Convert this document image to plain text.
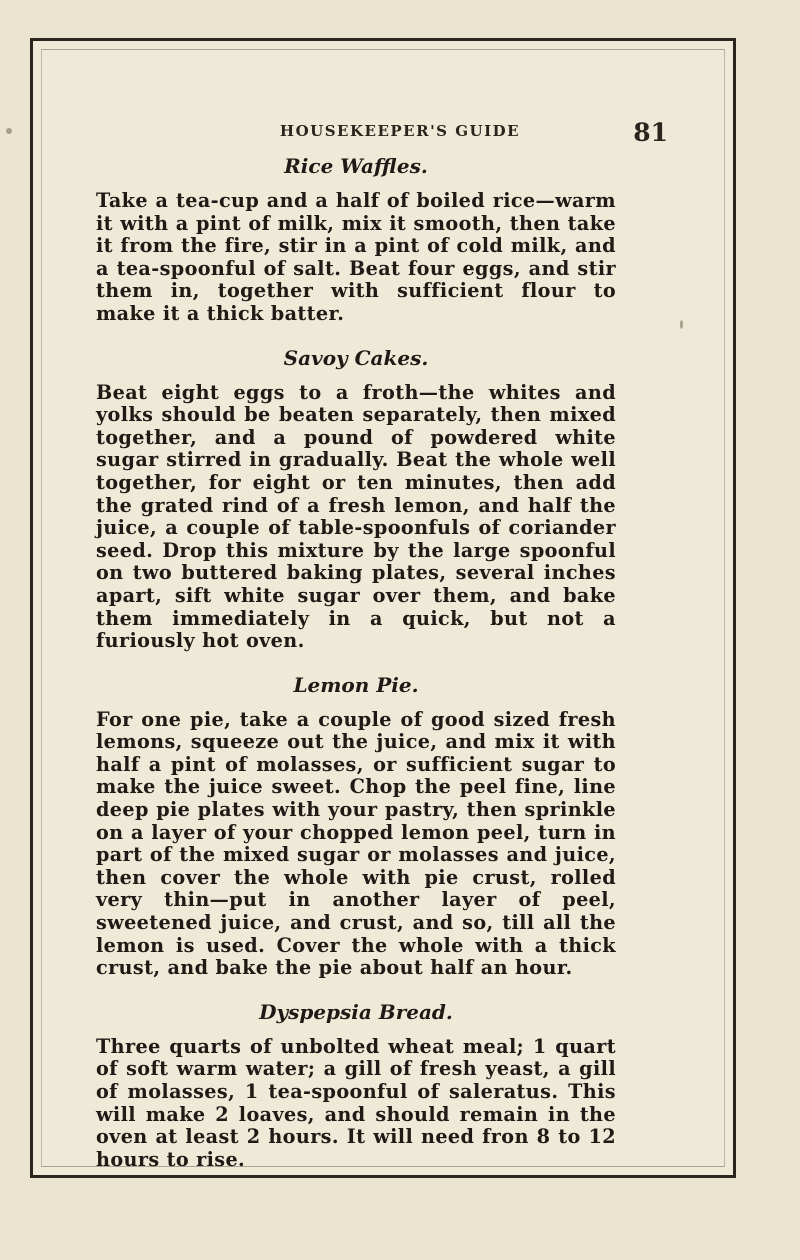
HOUSEKEEPER'S GUIDE	81
Rice Waffles.

Take a tea-cup and a half of boiled rice—warm it with a pint of milk, mix it smooth, then take it from the fire, stir in a pint of cold milk, and a tea-spoonful of salt. Beat four eggs, and stir them in, together with sufficient flour to make it a thick batter.

Savoy Cakes.

Beat eight eggs to a froth—the whites and yolks should be beaten separately, then mixed together, and a pound of powdered white sugar stirred in gradually. Beat the whole well together, for eight or ten minutes, then add the grated rind of a fresh lemon, and half the juice, a couple of table-spoonfuls of coriander seed. Drop this mixture by the large spoonful on two buttered baking plates, several inches apart, sift white sugar over them, and bake them immediately in a quick, but not a furiously hot oven.

Lemon Pie.

For one pie, take a couple of good sized fresh lemons, squeeze out the juice, and mix it with half a pint of molasses, or sufficient sugar to make the juice sweet. Chop the peel fine, line deep pie plates with your pastry, then sprinkle on a layer of your chopped lemon peel, turn in part of the mixed sugar or molasses and juice, then cover the whole with pie crust, rolled very thin—put in another layer of peel, sweetened juice, and crust, and so, till all the lemon is used. Cover the whole with a thick crust, and bake the pie about half an hour.

Dyspepsia Bread.

Three quarts of unbolted wheat meal; 1 quart of soft warm water; a gill of fresh yeast, a gill of molasses, 1 tea-spoonful of saleratus. This will make 2 loaves, and should remain in the oven at least 2 hours. It will need fron 8 to 12 hours to rise.
